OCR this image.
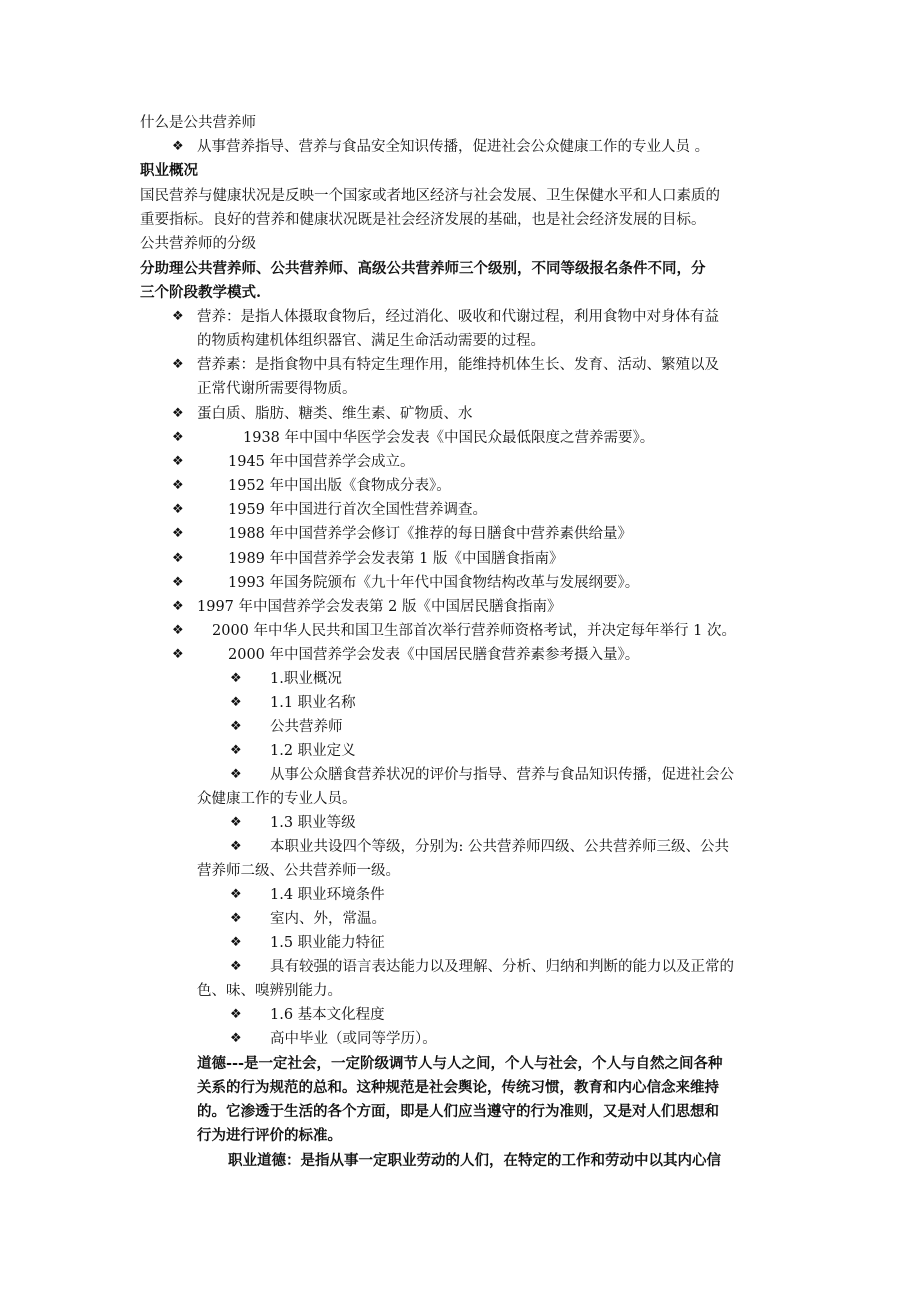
什么是公共营养师
❖ 从事营养指导、营养与食品安全知识传播，促进社会公众健康工作的专业人员 。
职业概况
国民营养与健康状况是反映一个国家或者地区经济与社会发展、卫生保健水平和人口素质的
重要指标。良好的营养和健康状况既是社会经济发展的基础，也是社会经济发展的目标。
公共营养师的分级
分助理公共营养师、公共营养师、高级公共营养师三个级别，不同等级报名条件不同，分
三个阶段教学模式.
❖ 营养：是指人体摄取食物后，经过消化、吸收和代谢过程，利用食物中对身体有益
的物质构建机体组织器官、满足生命活动需要的过程。
❖ 营养素：是指食物中具有特定生理作用，能维持机体生长、发育、活动、繁殖以及
正常代谢所需要得物质。
❖ 蛋白质、脂肪、糖类、维生素、矿物质、水
❖	1938 年中国中华医学会发表《中国民众最低限度之营养需要》。
❖	1945 年中国营养学会成立。
❖	1952 年中国出版《食物成分表》。
❖	1959 年中国进行首次全国性营养调查。
❖	1988 年中国营养学会修订《推荐的每日膳食中营养素供给量》
❖	1989 年中国营养学会发表第 1 版《中国膳食指南》
❖	1993 年国务院颁布《九十年代中国食物结构改革与发展纲要》。
❖ 1997 年中国营养学会发表第 2 版《中国居民膳食指南》
❖ 2000 年中华人民共和国卫生部首次举行营养师资格考试，并决定每年举行 1 次。
❖	2000 年中国营养学会发表《中国居民膳食营养素参考摄入量》。
❖ 1.职业概况
❖ 1.1 职业名称
❖ 公共营养师
❖ 1.2 职业定义
❖ 从事公众膳食营养状况的评价与指导、营养与食品知识传播，促进社会公
众健康工作的专业人员。
❖ 1.3 职业等级
❖ 本职业共设四个等级，分别为: 公共营养师四级、公共营养师三级、公共
营养师二级、公共营养师一级。
❖ 1.4 职业环境条件
❖ 室内、外，常温。
❖ 1.5 职业能力特征
❖ 具有较强的语言表达能力以及理解、分析、归纳和判断的能力以及正常的
色、味、嗅辨别能力。
❖ 1.6 基本文化程度
❖ 高中毕业（或同等学历）。
道德---是一定社会，一定阶级调节人与人之间，个人与社会，个人与自然之间各种
关系的行为规范的总和。这种规范是社会舆论，传统习惯，教育和内心信念来维持
的。它渗透于生活的各个方面，即是人们应当遵守的行为准则，又是对人们思想和
行为进行评价的标准。
职业道德：是指从事一定职业劳动的人们，在特定的工作和劳动中以其内心信
